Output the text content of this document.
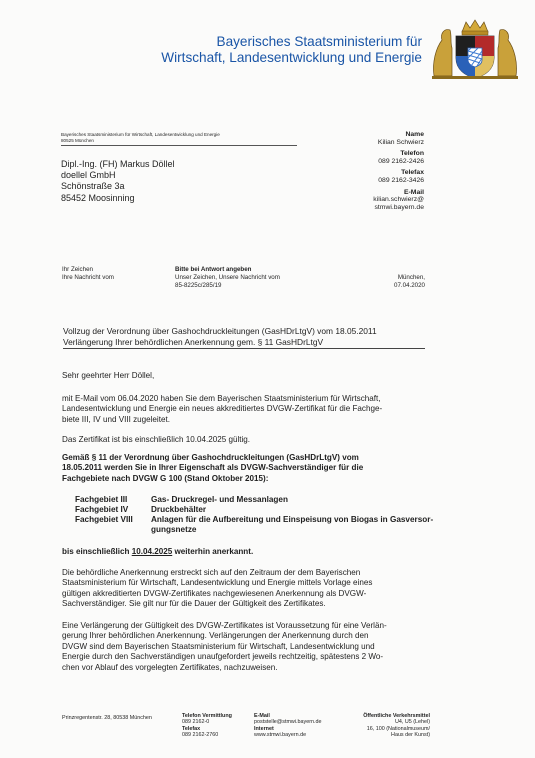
Bayerisches Staatsministerium für
Wirtschaft, Landesentwicklung und Energie
Bayerisches Staatsministerium für Wirtschaft, Landesentwicklung und Energie
80525 München
Dipl.-Ing. (FH) Markus Döllel
doellel GmbH
Schönstraße 3a
85452 Moosinning
Name
Kilian Schwierz
Telefon
089 2162-2426
Telefax
089 2162-3426
E-Mail
kilian.schwierz@
stmwi.bayern.de
Ihr Zeichen
Ihre Nachricht vom
Bitte bei Antwort angeben
Unser Zeichen, Unsere Nachricht vom
85-8225c/285/19
München,
07.04.2020
Vollzug der Verordnung über Gashochdruckleitungen (GasHDrLtgV) vom 18.05.2011
Verlängerung Ihrer behördlichen Anerkennung gem. § 11 GasHDrLtgV
Sehr geehrter Herr Döllel,
mit E-Mail vom 06.04.2020 haben Sie dem Bayerischen Staatsministerium für Wirtschaft,
Landesentwicklung und Energie ein neues akkreditiertes DVGW-Zertifikat für die Fachge-
biete III, IV und VIII zugeleitet.
Das Zertifikat ist bis einschließlich 10.04.2025 gültig.
Gemäß § 11 der Verordnung über Gashochdruckleitungen (GasHDrLtgV) vom
18.05.2011 werden Sie in Ihrer Eigenschaft als DVGW-Sachverständiger für die
Fachgebiete nach DVGW G 100 (Stand Oktober 2015):
Fachgebiet III	Gas- Druckregel- und Messanlagen
Fachgebiet IV	Druckbehälter
Fachgebiet VIII	Anlagen für die Aufbereitung und Einspeisung von Biogas in Gasversor-
	gungsnetze
bis einschließlich 10.04.2025 weiterhin anerkannt.
Die behördliche Anerkennung erstreckt sich auf den Zeitraum der dem Bayerischen
Staatsministerium für Wirtschaft, Landesentwicklung und Energie mittels Vorlage eines
gültigen akkreditierten DVGW-Zertifikates nachgewiesenen Anerkennung als DVGW-
Sachverständiger. Sie gilt nur für die Dauer der Gültigkeit des Zertifikates.
Eine Verlängerung der Gültigkeit des DVGW-Zertifikates ist Voraussetzung für eine Verlän-
gerung Ihrer behördlichen Anerkennung. Verlängerungen der Anerkennung durch den
DVGW sind dem Bayerischen Staatsministerium für Wirtschaft, Landesentwicklung und
Energie durch den Sachverständigen unaufgefordert jeweils rechtzeitig, spätestens 2 Wo-
chen vor Ablauf des vorgelegten Zertifikates, nachzuweisen.
Prinzregentenstr. 28, 80538 München	Telefon Vermittlung
089 2162-0
Telefax
089 2162-2760
E-Mail
poststelle@stmwi.bayern.de
Internet
www.stmwi.bayern.de
Öffentliche Verkehrsmittel
U4, U5 (Lehel)
16, 100 (Nationalmuseum/
Haus der Kunst)
